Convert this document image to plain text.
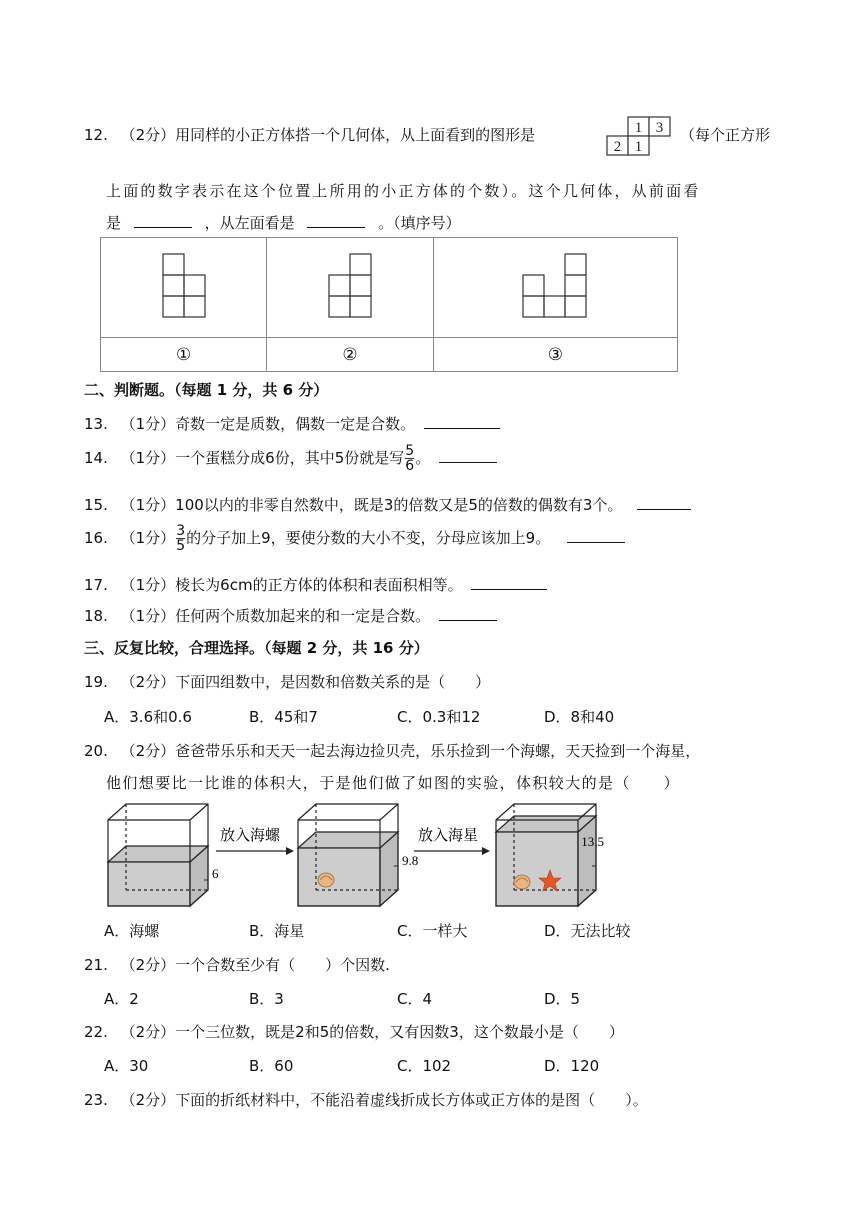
12. （2分）用同样的小正方体搭一个几何体，从上面看到的图形是	1 3
2 1
（每个正方形
上面的数字表示在这个位置上所用的小正方体的个数）。这个几何体，从前面看
是	，从左面看是	。（填序号）

①	②	③
二、判断题。（每题 1 分，共 6 分）
13. （1分）奇数一定是质数，偶数一定是合数。
14. （1分）一个蛋糕分成6份，其中5份就是写 $\frac{5}{6}$ 。
15. （1分）100以内的非零自然数中，既是3的倍数又是5的倍数的偶数有3个。
16. （1分） $\frac{3}{5}$ 的分子加上9，要使分数的大小不变，分母应该加上9。
17. （1分）棱长为6cm的正方体的体积和表面积相等。
18. （1分）任何两个质数加起来的和一定是合数。
三、反复比较，合理选择。（每题 2 分，共 16 分）
19. （2分）下面四组数中，是因数和倍数关系的是（　　）
A．3.6和0.6	B．45和7	C．0.3和12	D．8和40
20. （2分）爸爸带乐乐和天天一起去海边捡贝壳，乐乐捡到一个海螺，天天捡到一个海星，
他们想要比一比谁的体积大，于是他们做了如图的实验，体积较大的是（　　）
6
放入海螺
9.8
放入海星	13.5
A．海螺	B．海星	C．一样大	D．无法比较
21. （2分）一个合数至少有（　　）个因数.
A．2	B．3	C．4	D．5
22. （2分）一个三位数，既是2和5的倍数，又有因数3，这个数最小是（　　）
A．30	B．60	C．102	D．120
23. （2分）下面的折纸材料中，不能沿着虚线折成长方体或正方体的是图（　　）。
